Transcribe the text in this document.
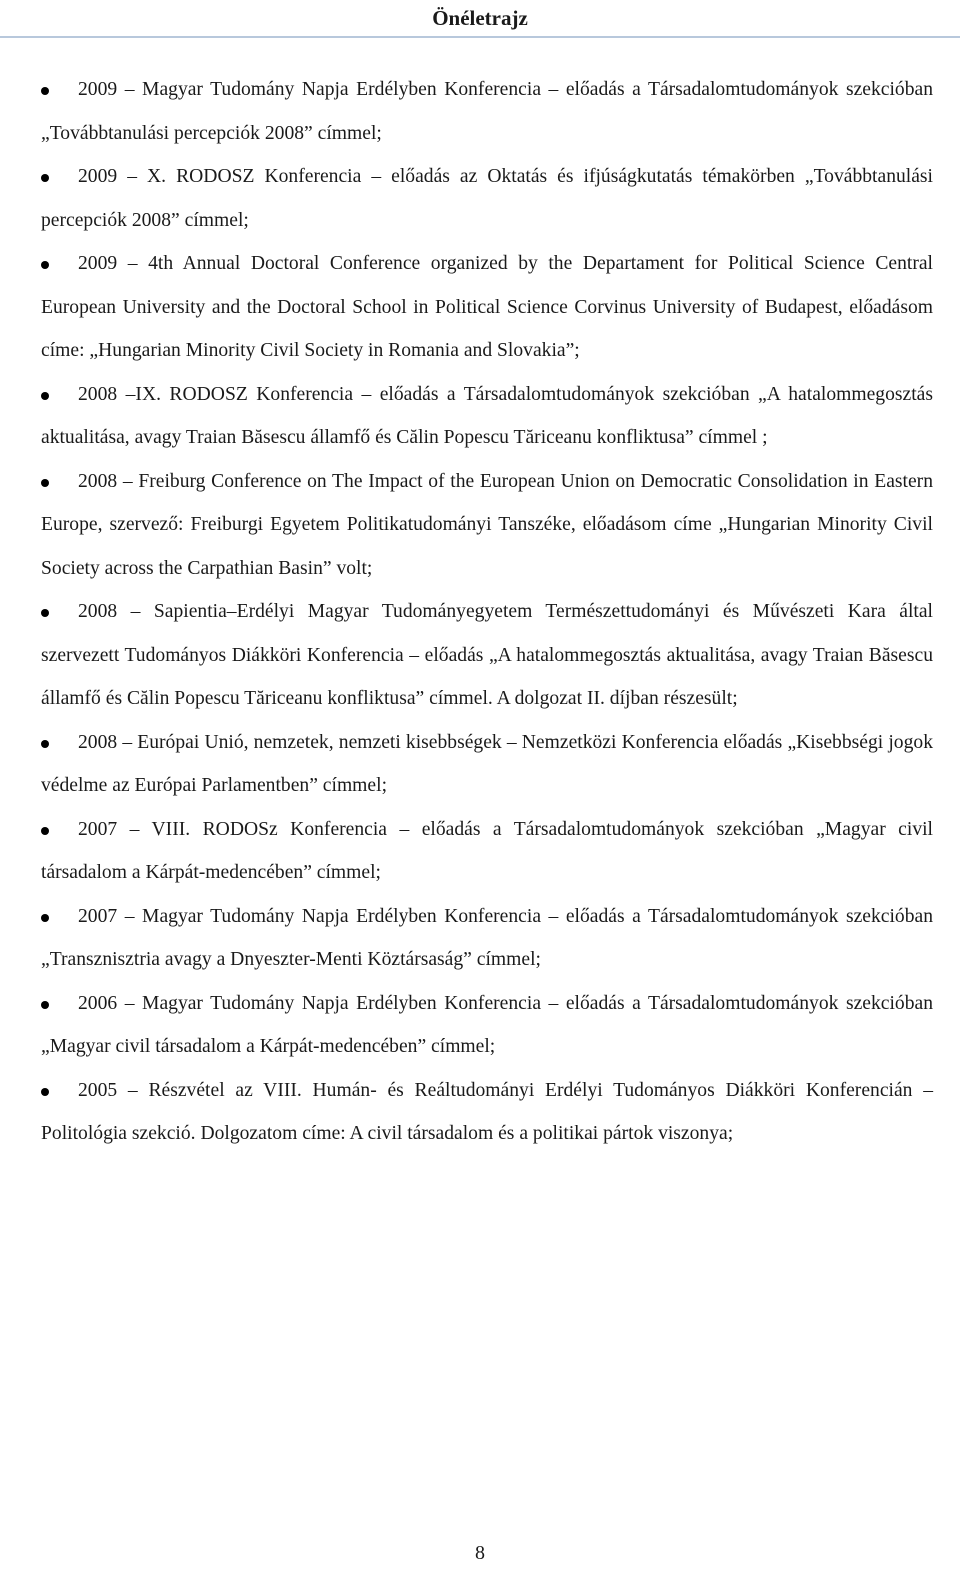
Önéletrajz
2009 – Magyar Tudomány Napja Erdélyben Konferencia – előadás a Társadalomtudományok szekcióban „Továbbtanulási percepciók 2008” címmel;
2009 – X. RODOSZ Konferencia – előadás az Oktatás és ifjúságkutatás témakörben „Továbbtanulási percepciók 2008” címmel;
2009 – 4th Annual Doctoral Conference organized by the Departament for Political Science Central European University and the Doctoral School in Political Science Corvinus University of Budapest, előadásom címe: „Hungarian Minority Civil Society in Romania and Slovakia”;
2008 –IX. RODOSZ Konferencia – előadás a Társadalomtudományok szekcióban „A hatalommegosztás aktualitása, avagy Traian Băsescu államfő és Călin Popescu Tăriceanu konfliktusa” címmel ;
2008 – Freiburg Conference on The Impact of the European Union on Democratic Consolidation in Eastern Europe, szervező: Freiburgi Egyetem Politikatudományi Tanszéke, előadásom címe „Hungarian Minority Civil Society across the Carpathian Basin” volt;
2008 – Sapientia–Erdélyi Magyar Tudományegyetem Természettudományi és Művészeti Kara által szervezett Tudományos Diákköri Konferencia – előadás „A hatalommegosztás aktualitása, avagy Traian Băsescu államfő és Călin Popescu Tăriceanu konfliktusa” címmel. A dolgozat II. díjban részesült;
2008 – Európai Unió, nemzetek, nemzeti kisebbségek – Nemzetközi Konferencia előadás „Kisebbségi jogok védelme az Európai Parlamentben” címmel;
2007 – VIII. RODOSz Konferencia – előadás a Társadalomtudományok szekcióban „Magyar civil társadalom a Kárpát-medencében” címmel;
2007 – Magyar Tudomány Napja Erdélyben Konferencia – előadás a Társadalomtudományok szekcióban „Transznisztria avagy a Dnyeszter-Menti Köztársaság” címmel;
2006 – Magyar Tudomány Napja Erdélyben Konferencia – előadás a Társadalomtudományok szekcióban „Magyar civil társadalom a Kárpát-medencében” címmel;
2005 – Részvétel az VIII. Humán- és Reáltudományi Erdélyi Tudományos Diákköri Konferencián – Politológia szekció. Dolgozatom címe: A civil társadalom és a politikai pártok viszonya;
8
